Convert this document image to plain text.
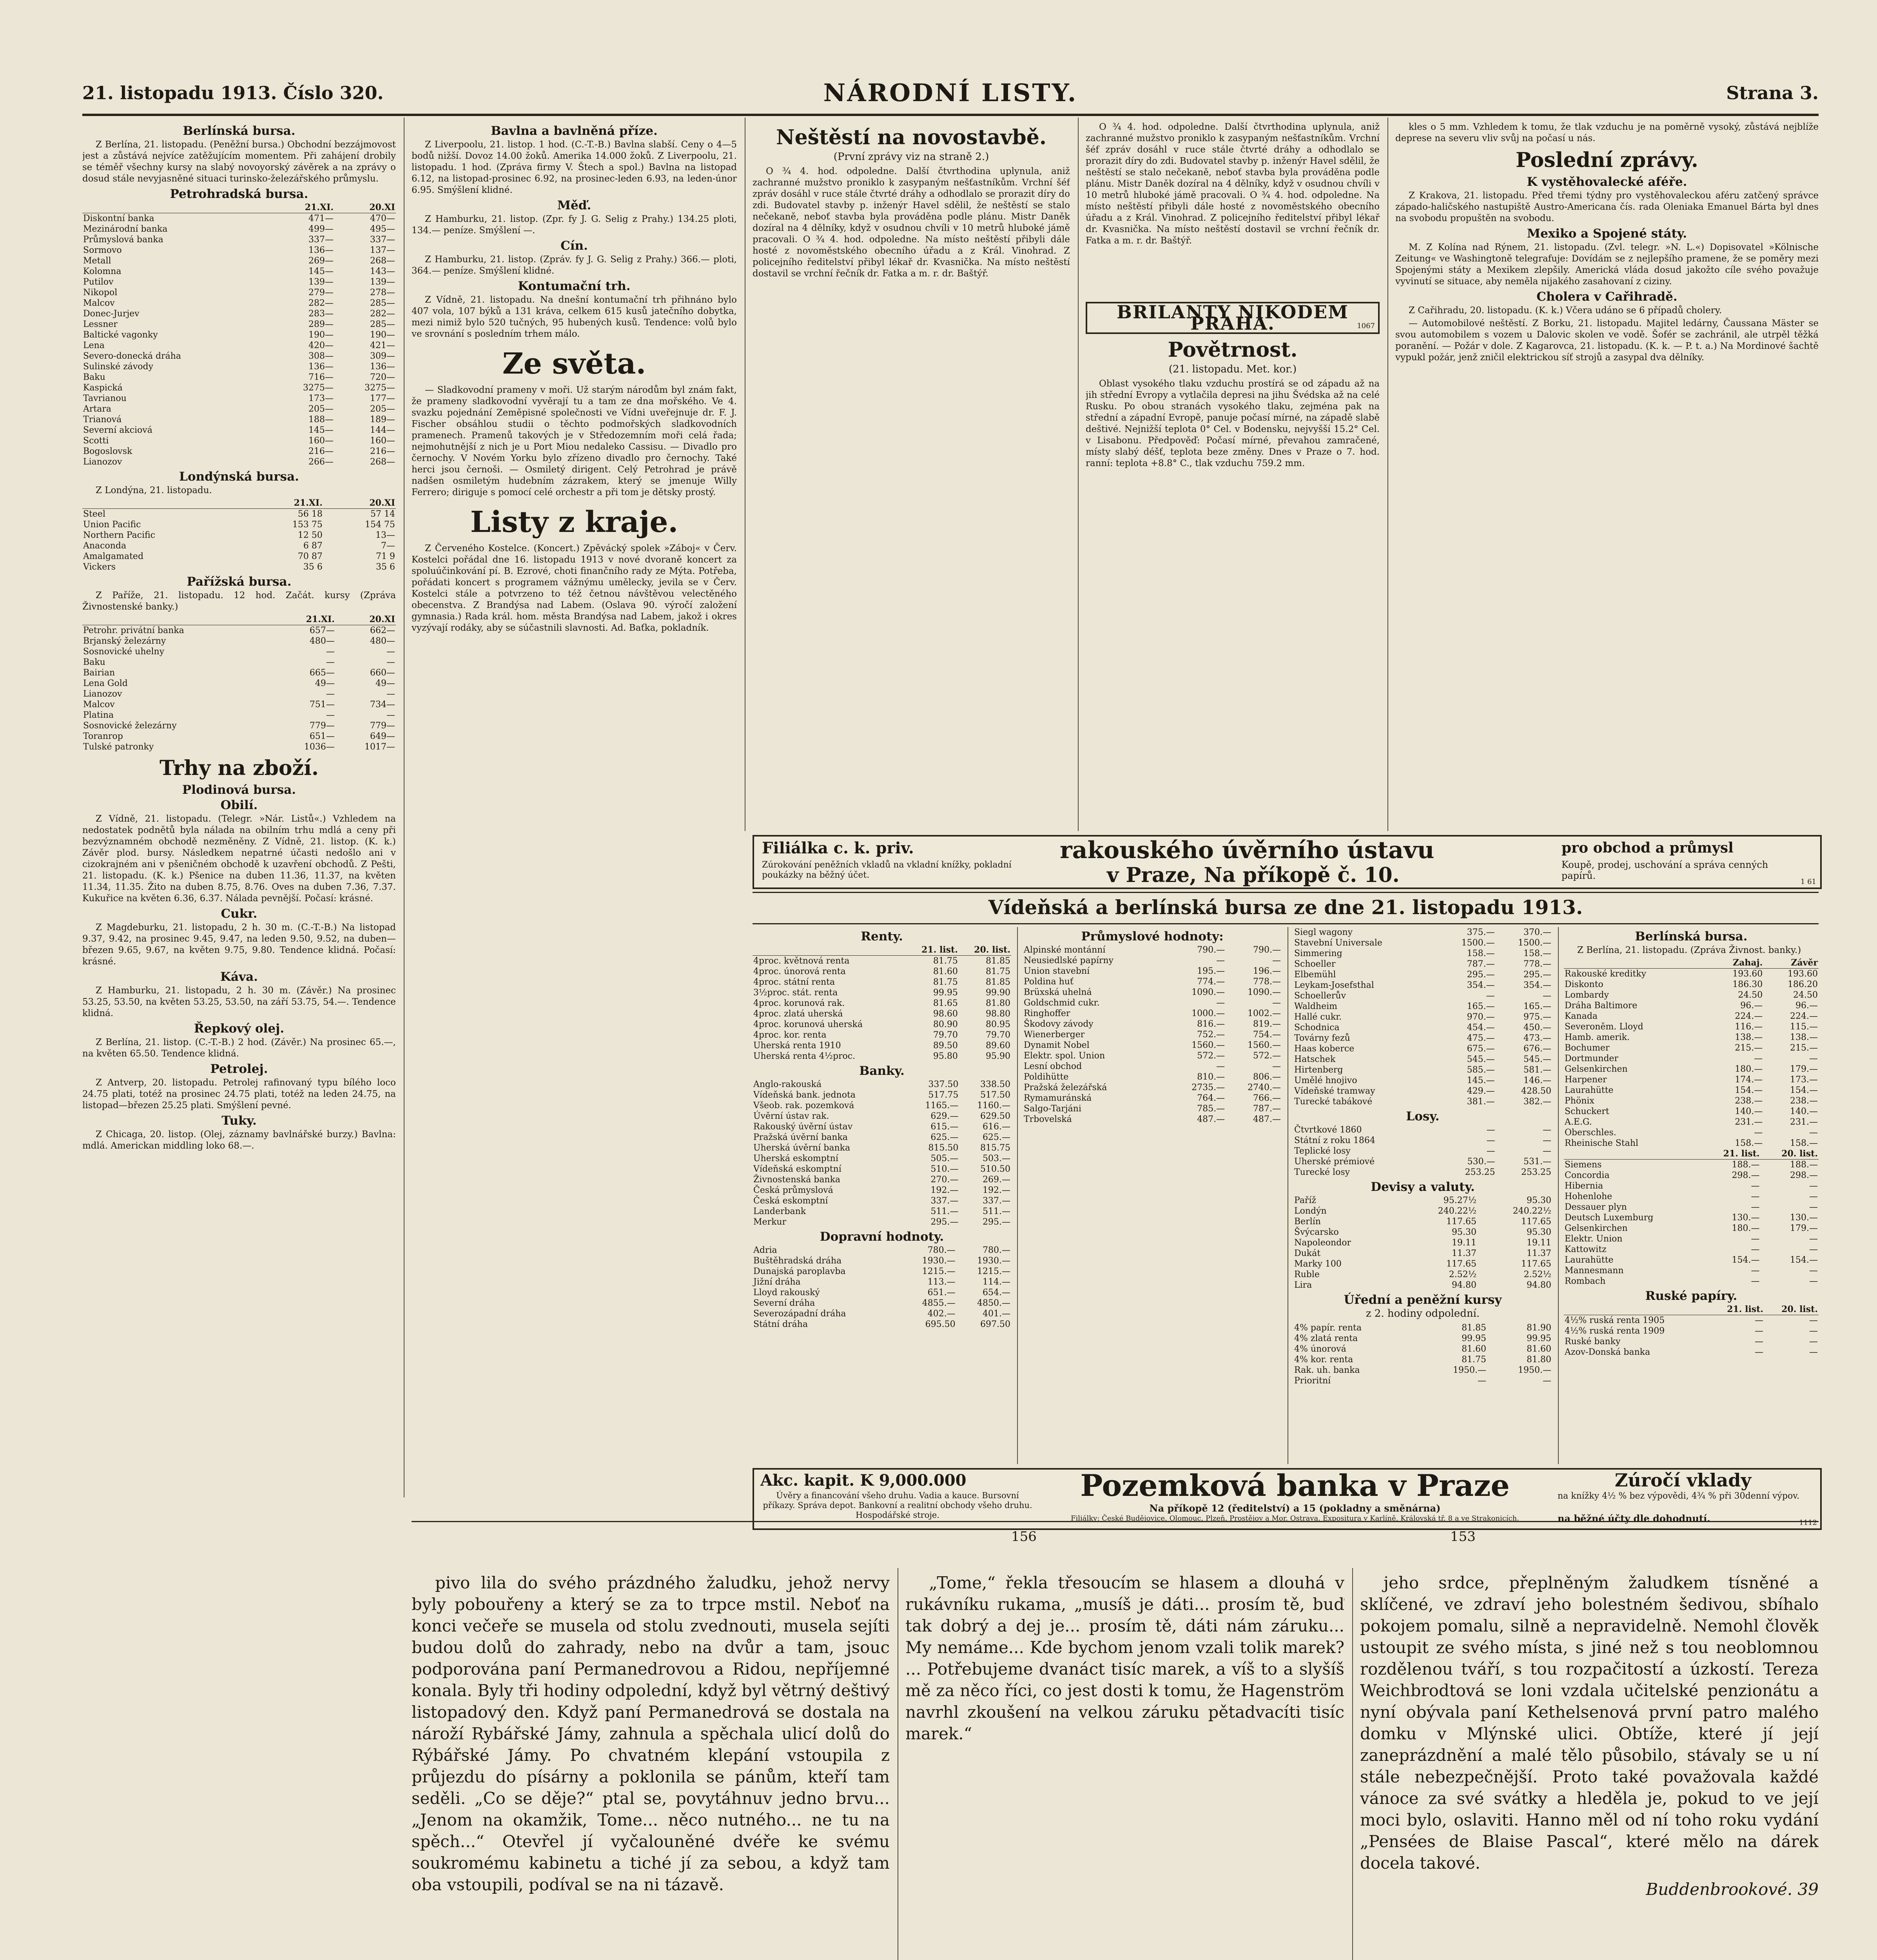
21. listopadu 1913. Číslo 320.	NÁRODNÍ LISTY.	Strana 3.
Berlínská bursa.

Z Berlína, 21. listopadu. (Peněžní bursa.) Obchodní bezzájmovost jest a zůstává nejvíce zatěžujícím momentem. Při zahájení drobily se téměř všechny kursy na slabý novoyorský závěrek a na zprávy o dosud stále nevyjasněné situaci turinsko-železářského průmyslu.

Petrohradská bursa.
	21.XI.	20.XI
Diskontní banka	471—	470—
Mezinárodní banka	499—	495—
Průmyslová banka	337—	337—
Sormovo	136—	137—
Metall	269—	268—
Kolomna	145—	143—
Putilov	139—	139—
Nikopol	279—	278—
Malcov	282—	285—
Donec-Jurjev	283—	282—
Lessner	289—	285—
Baltické vagonky	190—	190—
Lena	420—	421—
Severo-donecká dráha	308—	309—
Sulinské závody	136—	136—
Baku	716—	720—
Kaspická	3275—	3275—
Tavrianou	173—	177—
Artara	205—	205—
Trianová	188—	189—
Severní akciová	145—	144—
Scotti	160—	160—
Bogoslovsk	216—	216—
Lianozov	266—	268—
Londýnská bursa.

Z Londýna, 21. listopadu.

	21.XI.	20.XI
Steel	56 18	57 14
Union Pacific	153 75	154 75
Northern Pacific	12 50	13—
Anaconda	6 87	7—
Amalgamated	70 87	71 9
Vickers	35 6	35 6
Pařížská bursa.

Z Paříže, 21. listopadu. 12 hod. Začát. kursy (Zpráva Živnostenské banky.)

	21.XI.	20.XI
Petrohr. privátní banka	657—	662—
Brjanský železárny	480—	480—
Sosnovické uhelny	—	—
Baku	—	—
Bairian	665—	660—
Lena Gold	49—	49—
Lianozov	—	—
Malcov	751—	734—
Platina	—	—
Sosnovické železárny	779—	779—
Toranrop	651—	649—
Tulské patronky	1036—	1017—
Trhy na zboží.
Plodinová bursa.
Obilí.

Z Vídně, 21. listopadu. (Telegr. »Nár. Listů«.) Vzhledem na nedostatek podnětů byla nálada na obilním trhu mdlá a ceny při bezvýznamném obchodě nezměněny. Z Vídně, 21. listop. (K. k.) Závěr plod. bursy. Následkem nepatrné účasti nedošlo ani v cizokrajném ani v pšeničném obchodě k uzavření obchodů. Z Pešti, 21. listopadu. (K. k.) Pšenice na duben 11.36, 11.37, na květen 11.34, 11.35. Žito na duben 8.75, 8.76. Oves na duben 7.36, 7.37. Kukuřice na květen 6.36, 6.37. Nálada pevnější. Počasí: krásné.

Cukr.

Z Magdeburku, 21. listopadu, 2 h. 30 m. (C.-T.-B.) Na listopad 9.37, 9.42, na prosinec 9.45, 9.47, na leden 9.50, 9.52, na duben—březen 9.65, 9.67, na květen 9.75, 9.80. Tendence klidná. Počasí: krásné.

Káva.

Z Hamburku, 21. listopadu, 2 h. 30 m. (Závěr.) Na prosinec 53.25, 53.50, na květen 53.25, 53.50, na září 53.75, 54.—. Tendence klidná.

Řepkový olej.

Z Berlína, 21. listop. (C.-T.-B.) 2 hod. (Závěr.) Na prosinec 65.—, na květen 65.50. Tendence klidná.

Petrolej.

Z Antverp, 20. listopadu. Petrolej rafinovaný typu bílého loco 24.75 plati, totéž na prosinec 24.75 plati, totéž na leden 24.75, na listopad—březen 25.25 plati. Smýšlení pevné.

Tuky.

Z Chicaga, 20. listop. (Olej, záznamy bavlnářské burzy.) Bavlna: mdlá. Americkan middling loko 68.—.

Bavlna a bavlněná příze.

Z Liverpoolu, 21. listop. 1 hod. (C.-T.-B.) Bavlna slabší. Ceny o 4—5 bodů nižší. Dovoz 14.00 žoků. Amerika 14.000 žoků. Z Liverpoolu, 21. listopadu. 1 hod. (Zpráva firmy V. Štech a spol.) Bavlna na listopad 6.12, na listopad-prosinec 6.92, na prosinec-leden 6.93, na leden-únor 6.95. Smýšlení klidné.

Měď.

Z Hamburku, 21. listop. (Zpr. fy J. G. Selig z Prahy.) 134.25 ploti, 134.— peníze. Smýšlení —.

Cín.

Z Hamburku, 21. listop. (Zpráv. fy J. G. Selig z Prahy.) 366.— ploti, 364.— peníze. Smýšlení klidné.

Kontumační trh.

Z Vídně, 21. listopadu. Na dnešní kontumační trh přihnáno bylo 407 vola, 107 býků a 131 kráva, celkem 615 kusů jatečního dobytka, mezi nimiž bylo 520 tučných, 95 hubených kusů. Tendence: volů bylo ve srovnání s posledním trhem málo.

Ze světa.

— Sladkovodní prameny v moři. Už starým národům byl znám fakt, že prameny sladkovodní vyvěrají tu a tam ze dna mořského. Ve 4. svazku pojednání Zeměpisné společnosti ve Vídni uveřejnuje dr. F. J. Fischer obsáhlou studii o těchto podmořských sladkovodních pramenech. Pramenů takových je v Středozemním moři celá řada; nejmohutnější z nich je u Port Miou nedaleko Cassisu. — Divadlo pro černochy. V Novém Yorku bylo zřízeno divadlo pro černochy. Také herci jsou černoši. — Osmiletý dirigent. Celý Petrohrad je právě nadšen osmiletým hudebním zázrakem, který se jmenuje Willy Ferrero; diriguje s pomocí celé orchestr a při tom je dětsky prostý.

Listy z kraje.

Z Červeného Kostelce. (Koncert.) Zpěvácký spolek »Záboj« v Červ. Kostelci pořádal dne 16. listopadu 1913 v nové dvoraně koncert za spoluúčinkování pí. B. Ezrové, choti finančního rady ze Mýta. Potřeba, pořádati koncert s programem vážnýmu umělecky, jevila se v Červ. Kostelci stále a potvrzeno to též četnou návštěvou velectěného obecenstva. Z Brandýsa nad Labem. (Oslava 90. výročí založení gymnasia.) Rada král. hom. města Brandýsa nad Labem, jakož i okres vyzývají rodáky, aby se súčastnili slavnosti. Ad. Baťka, pokladník.

Neštěstí na novostavbě.
(První zprávy viz na straně 2.)

O ¾ 4. hod. odpoledne. Další čtvrthodina uplynula, aniž zachranné mužstvo proniklo k zasypaným nešťastníkům. Vrchní šéf zpráv dosáhl v ruce stále čtvrté dráhy a odhodlalo se prorazit díry do zdi. Budovatel stavby p. inženýr Havel sdělil, že neštěstí se stalo nečekaně, neboť stavba byla prováděna podle plánu. Mistr Daněk dozíral na 4 dělníky, když v osudnou chvíli v 10 metrů hluboké jámě pracovali. O ¾ 4. hod. odpoledne. Na místo neštěstí přibyli dále hosté z novoměstského obecního úřadu a z Král. Vinohrad. Z policejního ředitelství přibyl lékař dr. Kvasnička. Na místo neštěstí dostavil se vrchní řečník dr. Fatka a m. r. dr. Baštýř.

O ¾ 4. hod. odpoledne. Další čtvrthodina uplynula, aniž zachranné mužstvo proniklo k zasypaným nešťastníkům. Vrchní šéf zpráv dosáhl v ruce stále čtvrté dráhy a odhodlalo se prorazit díry do zdi. Budovatel stavby p. inženýr Havel sdělil, že neštěstí se stalo nečekaně, neboť stavba byla prováděna podle plánu. Mistr Daněk dozíral na 4 dělníky, když v osudnou chvíli v 10 metrů hluboké jámě pracovali. O ¾ 4. hod. odpoledne. Na místo neštěstí přibyli dále hosté z novoměstského obecního úřadu a z Král. Vinohrad. Z policejního ředitelství přibyl lékař dr. Kvasnička. Na místo neštěstí dostavil se vrchní řečník dr. Fatka a m. r. dr. Baštýř.

BRILANTY NIKODEM PRAHA.	1067
Povětrnost.
(21. listopadu. Met. kor.)

Oblast vysokého tlaku vzduchu prostírá se od západu až na jih střední Evropy a vytlačila depresi na jihu Švédska až na celé Rusku. Po obou stranách vysokého tlaku, zejména pak na střední a západní Evropě, panuje počasí mírné, na západě slabě deštivé. Nejnižší teplota 0° Cel. v Bodensku, nejvyšší 15.2° Cel. v Lisabonu. Předpověď: Počasí mírné, převahou zamračené, místy slabý déšť, teplota beze změny. Dnes v Praze o 7. hod. ranní: teplota +8.8° C., tlak vzduchu 759.2 mm.

kles o 5 mm. Vzhledem k tomu, že tlak vzduchu je na poměrně vysoký, zůstává nejblíže deprese na severu vliv svůj na počasí u nás.

Poslední zprávy.
K vystěhovalecké aféře.

Z Krakova, 21. listopadu. Před třemi týdny pro vystěhovaleckou aféru zatčený správce západo-haličského nastupiště Austro-Americana čís. rada Oleniaka Emanuel Bárta byl dnes na svobodu propuštěn na svobodu.

Mexiko a Spojené státy.

M. Z Kolína nad Rýnem, 21. listopadu. (Zvl. telegr. »N. L.«) Dopisovatel »Kölnische Zeitung« ve Washingtoně telegrafuje: Dovídám se z nejlepšího pramene, že se poměry mezi Spojenými státy a Mexikem zlepšily. Americká vláda dosud jakožto cíle svého považuje vyvinutí se situace, aby neměla nijakého zasahovaní z ciziny.

Cholera v Cařihradě.

Z Cařihradu, 20. listopadu. (K. k.) Včera udáno se 6 případů cholery.

— Automobilové neštěstí. Z Borku, 21. listopadu. Majitel ledárny, Čaussana Mäster se svou automobilem s vozem u Dalovic skolen ve vodě. Šofér se zachránil, ale utrpěl těžká poranění. — Požár v dole. Z Kagarovca, 21. listopadu. (K. k. — P. t. a.) Na Mordinové šachtě vypukl požár, jenž zničil elektrickou síť strojů a zasypal dva dělníky.

Filiálka c. k. priv.
Zúrokování peněžních vkladů na vkladní knížky, pokladní poukázky na běžný účet.
rakouského úvěrního ústavu
v Praze, Na příkopě č. 10.
pro obchod a průmysl
Koupě, prodej, uschování a správa cenných papírů.
1 61
Vídeňská a berlínská bursa ze dne 21. listopadu 1913.
Renty.
	21. list.	20. list.
4proc. květnová renta	81.75	81.85
4proc. únorová renta	81.60	81.75
4proc. státní renta	81.75	81.85
3½proc. stát. renta	99.95	99.90
4proc. korunová rak.	81.65	81.80
4proc. zlatá uherská	98.60	98.80
4proc. korunová uherská	80.90	80.95
4proc. kor. renta	79.70	79.70
Uherská renta 1910	89.50	89.60
Uherská renta 4½proc.	95.80	95.90
Banky.
Anglo-rakouská	337.50	338.50
Vídeňská bank. jednota	517.75	517.50
Všeob. rak. pozemková	1165.—	1160.—
Úvěrní ústav rak.	629.—	629.50
Rakouský úvěrní ústav	615.—	616.—
Pražská úvěrní banka	625.—	625.—
Uherská úvěrní banka	815.50	815.75
Uherská eskomptní	505.—	503.—
Vídeňská eskomptní	510.—	510.50
Živnostenská banka	270.—	269.—
Česká průmyslová	192.—	192.—
Česká eskomptní	337.—	337.—
Landerbank	511.—	511.—
Merkur	295.—	295.—
Dopravní hodnoty.
Adria	780.—	780.—
Buštěhradská dráha	1930.—	1930.—
Dunajská paroplavba	1215.—	1215.—
Jižní dráha	113.—	114.—
Lloyd rakouský	651.—	654.—
Severní dráha	4855.—	4850.—
Severozápadní dráha	402.—	401.—
Státní dráha	695.50	697.50
Průmyslové hodnoty:
Alpinské montánní	790.—	790.—
Neusiedlské papírny	—	—
Union stavební	195.—	196.—
Poldina huť	774.—	778.—
Brüxská uhelná	1090.—	1090.—
Goldschmid cukr.	—	—
Ringhoffer	1000.—	1002.—
Škodovy závody	816.—	819.—
Wienerberger	752.—	754.—
Dynamit Nobel	1560.—	1560.—
Elektr. spol. Union	572.—	572.—
Lesní obchod	—	—
Poldihütte	810.—	806.—
Pražská železářská	2735.—	2740.—
Rymamuránská	764.—	766.—
Salgo-Tarjáni	785.—	787.—
Trbovelská	487.—	487.—
Siegl wagony	375.—	370.—
Stavební Universale	1500.—	1500.—
Simmering	158.—	158.—
Schoeller	787.—	778.—
Elbemühl	295.—	295.—
Leykam-Josefsthal	354.—	354.—
Schoellerův	—	—
Waldheim	165.—	165.—
Hallé cukr.	970.—	975.—
Schodnica	454.—	450.—
Továrny fezů	475.—	473.—
Haas koberce	675.—	676.—
Hatschek	545.—	545.—
Hirtenberg	585.—	581.—
Umělé hnojivo	145.—	146.—
Vídeňské tramway	429.—	428.50
Turecké tabákové	381.—	382.—
Losy.
Čtvrtkové 1860	—	—
Státní z roku 1864	—	—
Teplické losy	—	—
Uherské prémiové	530.—	531.—
Turecké losy	253.25	253.25
Devisy a valuty.
Paříž	95.27½	95.30
Londýn	240.22½	240.22½
Berlín	117.65	117.65
Švýcarsko	95.30	95.30
Napoleondor	19.11	19.11
Dukát	11.37	11.37
Marky 100	117.65	117.65
Ruble	2.52½	2.52½
Lira	94.80	94.80
Úřední a peněžní kursy
z 2. hodiny odpolední.
4% papír. renta	81.85	81.90
4% zlatá renta	99.95	99.95
4% únorová	81.60	81.60
4% kor. renta	81.75	81.80
Rak. uh. banka	1950.—	1950.—
Prioritní	—	—
Berlínská bursa.

Z Berlína, 21. listopadu. (Zpráva Živnost. banky.)

	Zahaj.	Závěr
Rakouské kreditky	193.60	193.60
Diskonto	186.30	186.20
Lombardy	24.50	24.50
Dráha Baltimore	96.—	96.—
Kanada	224.—	224.—
Severoněm. Lloyd	116.—	115.—
Hamb. amerik.	138.—	138.—
Bochumer	215.—	215.—
Dortmunder	—	—
Gelsenkirchen	180.—	179.—
Harpener	174.—	173.—
Laurahütte	154.—	154.—
Phönix	238.—	238.—
Schuckert	140.—	140.—
A.E.G.	231.—	231.—
Oberschles.	—	—
Rheinische Stahl	158.—	158.—
	21. list.	20. list.
Siemens	188.—	188.—
Concordia	298.—	298.—
Hibernia	—	—
Hohenlohe	—	—
Dessauer plyn	—	—
Deutsch Luxemburg	130.—	130.—
Gelsenkirchen	180.—	179.—
Elektr. Union	—	—
Kattowitz	—	—
Laurahütte	154.—	154.—
Mannesmann	—	—
Rombach	—	—
Ruské papíry.
	21. list.	20. list.
4½% ruská renta 1905	—	—
4½% ruská renta 1909	—	—
Ruské banky	—	—
Azov-Donská banka	—	—
Akc. kapit. K 9,000.000
Úvěry a financování všeho druhu. Vadia a kauce. Bursovní příkazy. Správa depot. Bankovní a realitní obchody všeho druhu. Hospodářské stroje.
Pozemková banka v Praze
Na příkopě 12 (ředitelství) a 15 (pokladny a směnárna)
Filiálky: České Budějovice, Olomouc, Plzeň, Prostějov a Mor. Ostrava. Expositura v Karlíně, Královská tř. 8 a ve Strakonicích.
Zúročí vklady
na knížky 4½ % bez výpovědi, 4¾ % při 30denní výpov.
na běžné účty dle dohodnutí.	1112
156	153

pivo lila do svého prázdného žaludku, jehož nervy byly pobouřeny a který se za to trpce mstil. Neboť na konci večeře se musela od stolu zvednouti, musela sejíti budou dolů do zahrady, nebo na dvůr a tam, jsouc podporována paní Permanedrovou a Ridou, nepříjemné konala. Byly tři hodiny odpolední, když byl větrný deštivý listopadový den. Když paní Permanedrová se dostala na nároží Rybářské Jámy, zahnula a spěchala ulicí dolů do Rýbářské Jámy. Po chvatném klepání vstoupila z průjezdu do písárny a poklonila se pánům, kteří tam seděli. „Co se děje?“ ptal se, povytáhnuv jedno brvu... „Jenom na okamžik, Tome... něco nutného... ne tu na spěch...“ Otevřel jí vyčalouněné dvéře ke svému soukromému kabinetu a tiché jí za sebou, a když tam oba vstoupili, podíval se na ni tázavě.

„Tome,“ řekla třesoucím se hlasem a dlouhá v rukávníku rukama, „musíš je dáti... prosím tě, buď tak dobrý a dej je... prosím tě, dáti nám záruku... My nemáme... Kde bychom jenom vzali tolik marek? ... Potřebujeme dvanáct tisíc marek, a víš to a slyšíš mě za něco říci, co jest dosti k tomu, že Hagenström navrhl zkoušení na velkou záruku pětadvacíti tisíc marek.“

jeho srdce, přeplněným žaludkem tísněné a sklíčené, ve zdraví jeho bolestném šedivou, sbíhalo pokojem pomalu, silně a nepravidelně. Nemohl člověk ustoupit ze svého místa, s jiné než s tou neoblomnou rozdělenou tváří, s tou rozpačitostí a úzkostí. Tereza Weichbrodtová se loni vzdala učitelské penzionátu a nyní obývala paní Kethelsenová první patro malého domku v Mlýnské ulici. Obtíže, které jí její zaneprázdnění a malé tělo působilo, stávaly se u ní stále nebezpečnější. Proto také považovala každé vánoce za své svátky a hleděla je, pokud to ve její moci bylo, oslaviti. Hanno měl od ní toho roku vydání „Pensées de Blaise Pascal“, které mělo na dárek docela takové.

Buddenbrookové. 39
